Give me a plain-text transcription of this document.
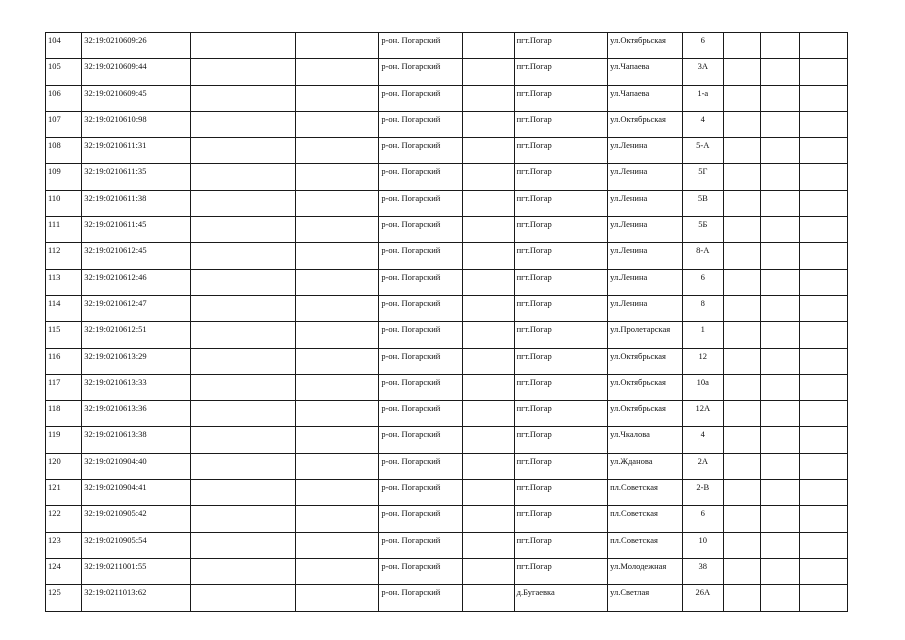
104	32:19:0210609:26			р-он. Погарский		пгт.Погар	ул.Октябрьская	6			
105	32:19:0210609:44			р-он. Погарский		пгт.Погар	ул.Чапаева	3А			
106	32:19:0210609:45			р-он. Погарский		пгт.Погар	ул.Чапаева	1-а			
107	32:19:0210610:98			р-он. Погарский		пгт.Погар	ул.Октябрьская	4			
108	32:19:0210611:31			р-он. Погарский		пгт.Погар	ул.Ленина	5-А			
109	32:19:0210611:35			р-он. Погарский		пгт.Погар	ул.Ленина	5Г			
110	32:19:0210611:38			р-он. Погарский		пгт.Погар	ул.Ленина	5В			
111	32:19:0210611:45			р-он. Погарский		пгт.Погар	ул.Ленина	5Б			
112	32:19:0210612:45			р-он. Погарский		пгт.Погар	ул.Ленина	8-А			
113	32:19:0210612:46			р-он. Погарский		пгт.Погар	ул.Ленина	6			
114	32:19:0210612:47			р-он. Погарский		пгт.Погар	ул.Ленина	8			
115	32:19:0210612:51			р-он. Погарский		пгт.Погар	ул.Пролетарская	1			
116	32:19:0210613:29			р-он. Погарский		пгт.Погар	ул.Октябрьская	12			
117	32:19:0210613:33			р-он. Погарский		пгт.Погар	ул.Октябрьская	10а			
118	32:19:0210613:36			р-он. Погарский		пгт.Погар	ул.Октябрьская	12А			
119	32:19:0210613:38			р-он. Погарский		пгт.Погар	ул.Чкалова	4			
120	32:19:0210904:40			р-он. Погарский		пгт.Погар	ул.Жданова	2А			
121	32:19:0210904:41			р-он. Погарский		пгт.Погар	пл.Советская	2-В			
122	32:19:0210905:42			р-он. Погарский		пгт.Погар	пл.Советская	6			
123	32:19:0210905:54			р-он. Погарский		пгт.Погар	пл.Советская	10			
124	32:19:0211001:55			р-он. Погарский		пгт.Погар	ул.Молодежная	38			
125	32:19:0211013:62			р-он. Погарский		д.Бугаевка	ул.Светлая	26А			
